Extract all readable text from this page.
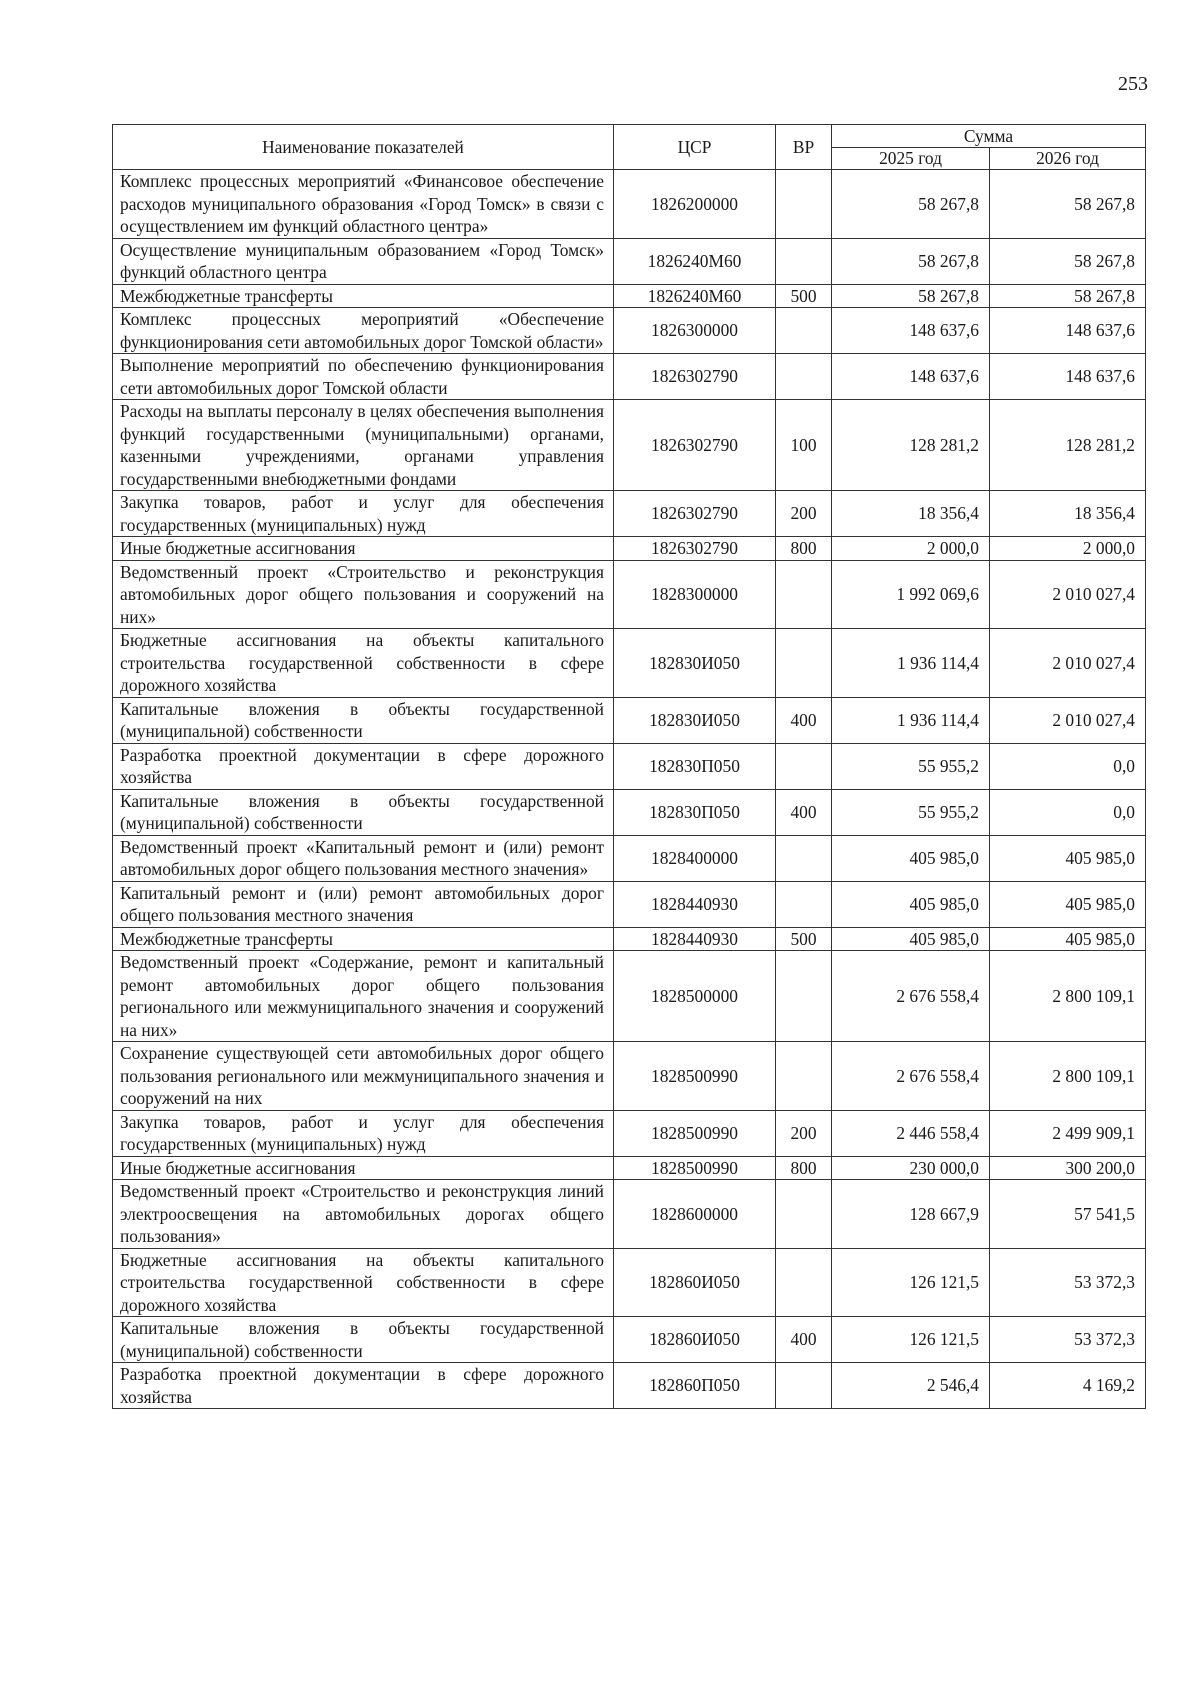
253
Наименование показателей	ЦСР	ВР	Сумма	
			2025 год	2026 год
Комплекс процессных мероприятий «Финансовое обеспечение расходов муниципального образования «Город Томск» в связи с осуществлением им функций областного центра»	1826200000		58 267,8	58 267,8
Осуществление муниципальным образованием «Город Томск» функций областного центра	1826240М60		58 267,8	58 267,8
Межбюджетные трансферты	1826240М60	500	58 267,8	58 267,8
Комплекс процессных мероприятий «Обеспечение функционирования сети автомобильных дорог Томской области»	1826300000		148 637,6	148 637,6
Выполнение мероприятий по обеспечению функционирования сети автомобильных дорог Томской области	1826302790		148 637,6	148 637,6
Расходы на выплаты персоналу в целях обеспечения выполнения функций государственными (муниципальными) органами, казенными учреждениями, органами управления государственными внебюджетными фондами	1826302790	100	128 281,2	128 281,2
Закупка товаров, работ и услуг для обеспечения государственных (муниципальных) нужд	1826302790	200	18 356,4	18 356,4
Иные бюджетные ассигнования	1826302790	800	2 000,0	2 000,0
Ведомственный проект «Строительство и реконструкция автомобильных дорог общего пользования и сооружений на них»	1828300000		1 992 069,6	2 010 027,4
Бюджетные ассигнования на объекты капитального строительства государственной собственности в сфере дорожного хозяйства	182830И050		1 936 114,4	2 010 027,4
Капитальные вложения в объекты государственной (муниципальной) собственности	182830И050	400	1 936 114,4	2 010 027,4
Разработка проектной документации в сфере дорожного хозяйства	182830П050		55 955,2	0,0
Капитальные вложения в объекты государственной (муниципальной) собственности	182830П050	400	55 955,2	0,0
Ведомственный проект «Капитальный ремонт и (или) ремонт автомобильных дорог общего пользования местного значения»	1828400000		405 985,0	405 985,0
Капитальный ремонт и (или) ремонт автомобильных дорог общего пользования местного значения	1828440930		405 985,0	405 985,0
Межбюджетные трансферты	1828440930	500	405 985,0	405 985,0
Ведомственный проект «Содержание, ремонт и капитальный ремонт автомобильных дорог общего пользования регионального или межмуниципального значения и сооружений на них»	1828500000		2 676 558,4	2 800 109,1
Сохранение существующей сети автомобильных дорог общего пользования регионального или межмуниципального значения и сооружений на них	1828500990		2 676 558,4	2 800 109,1
Закупка товаров, работ и услуг для обеспечения государственных (муниципальных) нужд	1828500990	200	2 446 558,4	2 499 909,1
Иные бюджетные ассигнования	1828500990	800	230 000,0	300 200,0
Ведомственный проект «Строительство и реконструкция линий электроосвещения на автомобильных дорогах общего пользования»	1828600000		128 667,9	57 541,5
Бюджетные ассигнования на объекты капитального строительства государственной собственности в сфере дорожного хозяйства	182860И050		126 121,5	53 372,3
Капитальные вложения в объекты государственной (муниципальной) собственности	182860И050	400	126 121,5	53 372,3
Разработка проектной документации в сфере дорожного хозяйства	182860П050		2 546,4	4 169,2
